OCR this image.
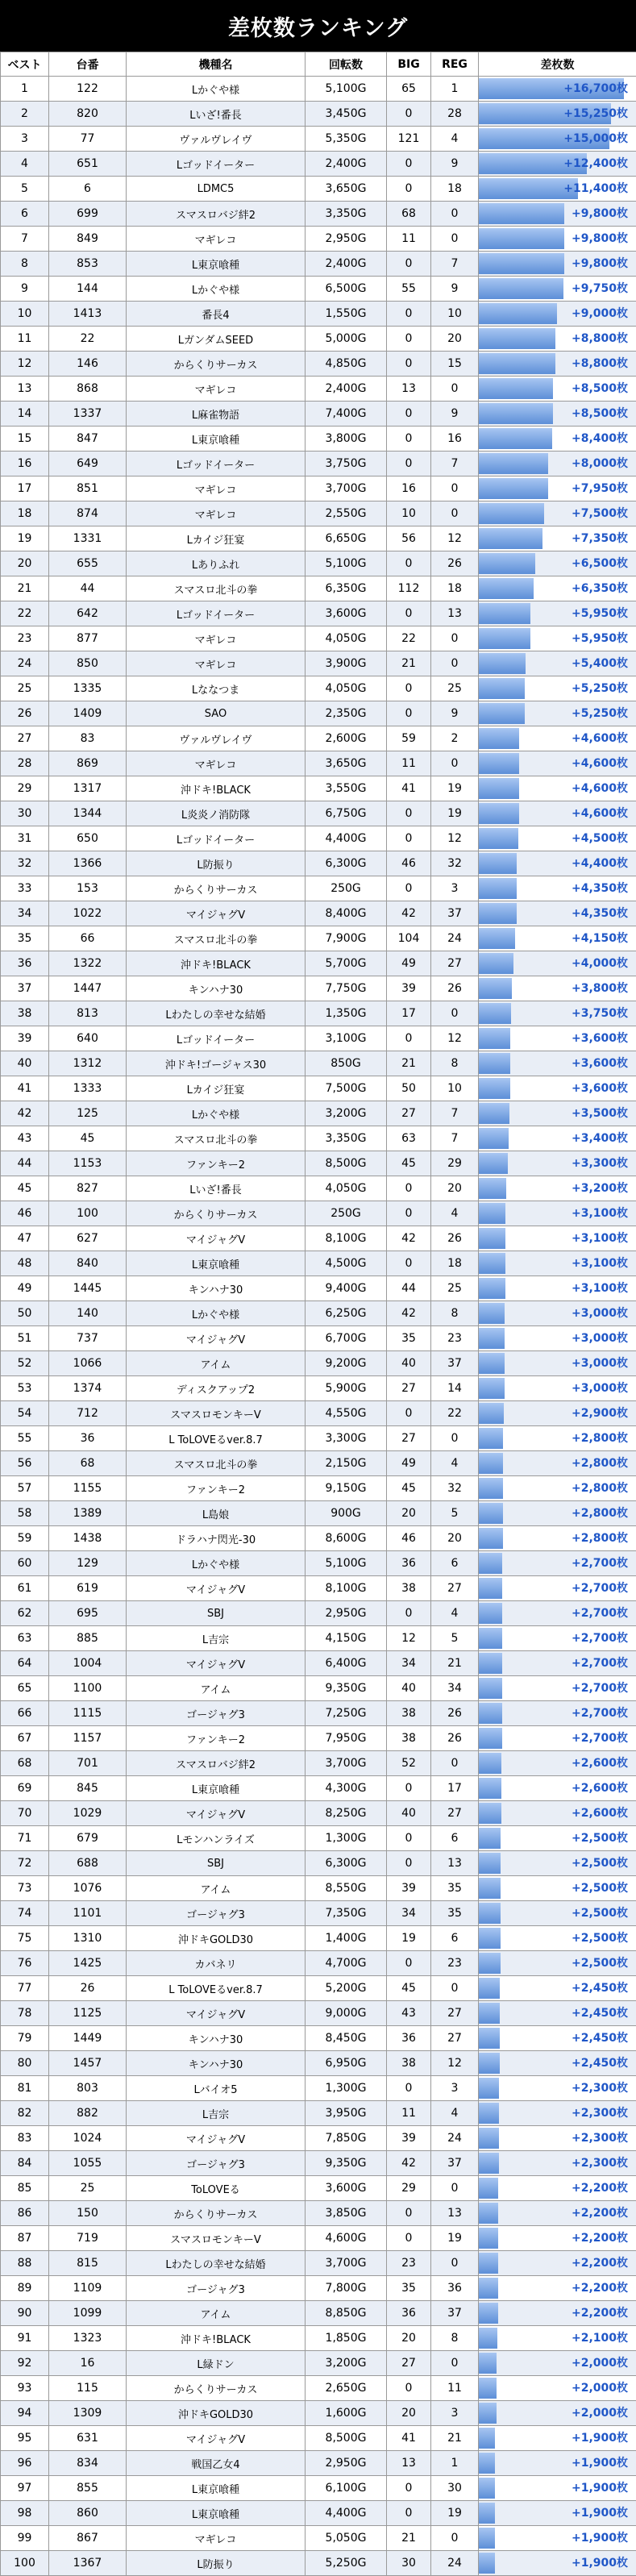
差枚数ランキング
ベスト	台番	機種名	回転数	BIG	REG	差枚数
1	122	Lかぐや様	5,100G	65	1	+16,700枚

2	820	Lいざ!番長	3,450G	0	28	+15,250枚

3	77	ヴァルヴレイヴ	5,350G	121	4	+15,000枚

4	651	Lゴッドイーター	2,400G	0	9	+12,400枚

5	6	LDMC5	3,650G	0	18	+11,400枚

6	699	スマスロバジ絆2	3,350G	68	0	+9,800枚

7	849	マギレコ	2,950G	11	0	+9,800枚

8	853	L東京喰種	2,400G	0	7	+9,800枚

9	144	Lかぐや様	6,500G	55	9	+9,750枚

10	1413	番長4	1,550G	0	10	+9,000枚

11	22	LガンダムSEED	5,000G	0	20	+8,800枚

12	146	からくりサーカス	4,850G	0	15	+8,800枚

13	868	マギレコ	2,400G	13	0	+8,500枚

14	1337	L麻雀物語	7,400G	0	9	+8,500枚

15	847	L東京喰種	3,800G	0	16	+8,400枚

16	649	Lゴッドイーター	3,750G	0	7	+8,000枚

17	851	マギレコ	3,700G	16	0	+7,950枚

18	874	マギレコ	2,550G	10	0	+7,500枚

19	1331	Lカイジ狂宴	6,650G	56	12	+7,350枚

20	655	Lありふれ	5,100G	0	26	+6,500枚

21	44	スマスロ北斗の拳	6,350G	112	18	+6,350枚

22	642	Lゴッドイーター	3,600G	0	13	+5,950枚

23	877	マギレコ	4,050G	22	0	+5,950枚

24	850	マギレコ	3,900G	21	0	+5,400枚

25	1335	Lななつま	4,050G	0	25	+5,250枚

26	1409	SAO	2,350G	0	9	+5,250枚

27	83	ヴァルヴレイヴ	2,600G	59	2	+4,600枚

28	869	マギレコ	3,650G	11	0	+4,600枚

29	1317	沖ドキ!BLACK	3,550G	41	19	+4,600枚

30	1344	L炎炎ノ消防隊	6,750G	0	19	+4,600枚

31	650	Lゴッドイーター	4,400G	0	12	+4,500枚

32	1366	L防振り	6,300G	46	32	+4,400枚

33	153	からくりサーカス	250G	0	3	+4,350枚

34	1022	マイジャグV	8,400G	42	37	+4,350枚

35	66	スマスロ北斗の拳	7,900G	104	24	+4,150枚

36	1322	沖ドキ!BLACK	5,700G	49	27	+4,000枚

37	1447	キンハナ30	7,750G	39	26	+3,800枚

38	813	Lわたしの幸せな結婚	1,350G	17	0	+3,750枚

39	640	Lゴッドイーター	3,100G	0	12	+3,600枚

40	1312	沖ドキ!ゴージャス30	850G	21	8	+3,600枚

41	1333	Lカイジ狂宴	7,500G	50	10	+3,600枚

42	125	Lかぐや様	3,200G	27	7	+3,500枚

43	45	スマスロ北斗の拳	3,350G	63	7	+3,400枚

44	1153	ファンキー2	8,500G	45	29	+3,300枚

45	827	Lいざ!番長	4,050G	0	20	+3,200枚

46	100	からくりサーカス	250G	0	4	+3,100枚

47	627	マイジャグV	8,100G	42	26	+3,100枚

48	840	L東京喰種	4,500G	0	18	+3,100枚

49	1445	キンハナ30	9,400G	44	25	+3,100枚

50	140	Lかぐや様	6,250G	42	8	+3,000枚

51	737	マイジャグV	6,700G	35	23	+3,000枚

52	1066	アイム	9,200G	40	37	+3,000枚

53	1374	ディスクアップ2	5,900G	27	14	+3,000枚

54	712	スマスロモンキーV	4,550G	0	22	+2,900枚

55	36	L ToLOVEるver.8.7	3,300G	27	0	+2,800枚

56	68	スマスロ北斗の拳	2,150G	49	4	+2,800枚

57	1155	ファンキー2	9,150G	45	32	+2,800枚

58	1389	L島娘	900G	20	5	+2,800枚

59	1438	ドラハナ閃光-30	8,600G	46	20	+2,800枚

60	129	Lかぐや様	5,100G	36	6	+2,700枚

61	619	マイジャグV	8,100G	38	27	+2,700枚

62	695	SBJ	2,950G	0	4	+2,700枚

63	885	L吉宗	4,150G	12	5	+2,700枚

64	1004	マイジャグV	6,400G	34	21	+2,700枚

65	1100	アイム	9,350G	40	34	+2,700枚

66	1115	ゴージャグ3	7,250G	38	26	+2,700枚

67	1157	ファンキー2	7,950G	38	26	+2,700枚

68	701	スマスロバジ絆2	3,700G	52	0	+2,600枚

69	845	L東京喰種	4,300G	0	17	+2,600枚

70	1029	マイジャグV	8,250G	40	27	+2,600枚

71	679	Lモンハンライズ	1,300G	0	6	+2,500枚

72	688	SBJ	6,300G	0	13	+2,500枚

73	1076	アイム	8,550G	39	35	+2,500枚

74	1101	ゴージャグ3	7,350G	34	35	+2,500枚

75	1310	沖ドキGOLD30	1,400G	19	6	+2,500枚

76	1425	カバネリ	4,700G	0	23	+2,500枚

77	26	L ToLOVEるver.8.7	5,200G	45	0	+2,450枚

78	1125	マイジャグV	9,000G	43	27	+2,450枚

79	1449	キンハナ30	8,450G	36	27	+2,450枚

80	1457	キンハナ30	6,950G	38	12	+2,450枚

81	803	Lバイオ5	1,300G	0	3	+2,300枚

82	882	L吉宗	3,950G	11	4	+2,300枚

83	1024	マイジャグV	7,850G	39	24	+2,300枚

84	1055	ゴージャグ3	9,350G	42	37	+2,300枚

85	25	ToLOVEる	3,600G	29	0	+2,200枚

86	150	からくりサーカス	3,850G	0	13	+2,200枚

87	719	スマスロモンキーV	4,600G	0	19	+2,200枚

88	815	Lわたしの幸せな結婚	3,700G	23	0	+2,200枚

89	1109	ゴージャグ3	7,800G	35	36	+2,200枚

90	1099	アイム	8,850G	36	37	+2,200枚

91	1323	沖ドキ!BLACK	1,850G	20	8	+2,100枚

92	16	L緑ドン	3,200G	27	0	+2,000枚

93	115	からくりサーカス	2,650G	0	11	+2,000枚

94	1309	沖ドキGOLD30	1,600G	20	3	+2,000枚

95	631	マイジャグV	8,500G	41	21	+1,900枚

96	834	戦国乙女4	2,950G	13	1	+1,900枚

97	855	L東京喰種	6,100G	0	30	+1,900枚

98	860	L東京喰種	4,400G	0	19	+1,900枚

99	867	マギレコ	5,050G	21	0	+1,900枚

100	1367	L防振り	5,250G	30	24	+1,900枚
